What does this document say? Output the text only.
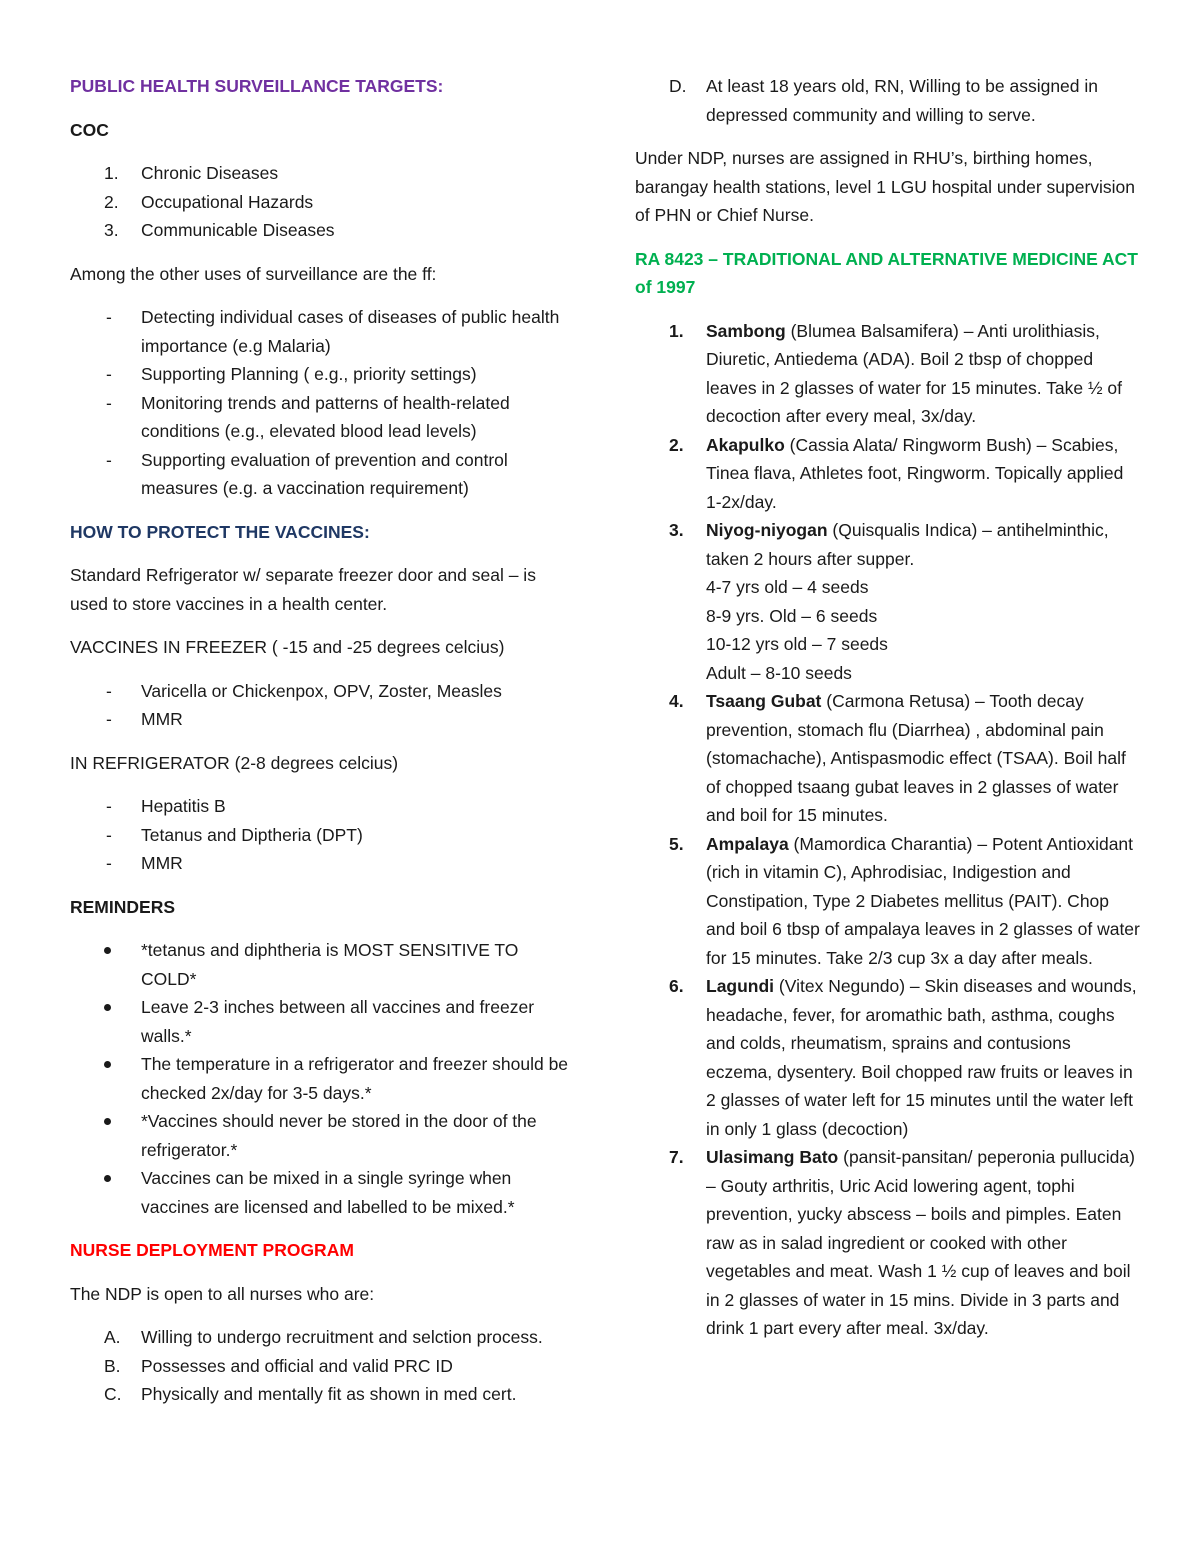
PUBLIC HEALTH SURVEILLANCE TARGETS:
COC
1. Chronic Diseases
2. Occupational Hazards
3. Communicable Diseases
Among the other uses of surveillance are the ff:
- Detecting individual cases of diseases of public health importance (e.g Malaria)
- Supporting Planning ( e.g., priority settings)
- Monitoring trends and patterns of health-related conditions (e.g., elevated blood lead levels)
- Supporting evaluation of prevention and control measures (e.g. a vaccination requirement)
HOW TO PROTECT THE VACCINES:
Standard Refrigerator w/ separate freezer door and seal – is used to store vaccines in a health center.
VACCINES IN FREEZER ( -15 and -25 degrees celcius)
- Varicella or Chickenpox, OPV, Zoster, Measles
- MMR
IN REFRIGERATOR (2-8 degrees celcius)
- Hepatitis B
- Tetanus and Diptheria (DPT)
- MMR
REMINDERS
*tetanus and diphtheria is MOST SENSITIVE TO COLD*
Leave 2-3 inches between all vaccines and freezer walls.*
The temperature in a refrigerator and freezer should be checked 2x/day for 3-5 days.*
*Vaccines should never be stored in the door of the refrigerator.*
Vaccines can be mixed in a single syringe when vaccines are licensed and labelled to be mixed.*
NURSE DEPLOYMENT PROGRAM
The NDP is open to all nurses who are:
A. Willing to undergo recruitment and selction process.
B. Possesses and official and valid PRC ID
C. Physically and mentally fit as shown in med cert.
D. At least 18 years old, RN, Willing to be assigned in depressed community and willing to serve.
Under NDP, nurses are assigned in RHU’s, birthing homes, barangay health stations, level 1 LGU hospital under supervision of PHN or Chief Nurse.
RA 8423 – TRADITIONAL AND ALTERNATIVE MEDICINE ACT of 1997
1. Sambong (Blumea Balsamifera) – Anti urolithiasis, Diuretic, Antiedema (ADA). Boil 2 tbsp of chopped leaves in 2 glasses of water for 15 minutes. Take ½ of decoction after every meal, 3x/day.
2. Akapulko (Cassia Alata/ Ringworm Bush) – Scabies, Tinea flava, Athletes foot, Ringworm. Topically applied 1-2x/day.
3. Niyog-niyogan (Quisqualis Indica) – antihelminthic, taken 2 hours after supper.
4-7 yrs old – 4 seeds
8-9 yrs. Old – 6 seeds
10-12 yrs old – 7 seeds
Adult – 8-10 seeds
4. Tsaang Gubat (Carmona Retusa) – Tooth decay prevention, stomach flu (Diarrhea) , abdominal pain (stomachache), Antispasmodic effect (TSAA). Boil half of chopped tsaang gubat leaves in 2 glasses of water and boil for 15 minutes.
5. Ampalaya (Mamordica Charantia) – Potent Antioxidant (rich in vitamin C), Aphrodisiac, Indigestion and Constipation, Type 2 Diabetes mellitus (PAIT). Chop and boil 6 tbsp of ampalaya leaves in 2 glasses of water for 15 minutes. Take 2/3 cup 3x a day after meals.
6. Lagundi (Vitex Negundo) – Skin diseases and wounds, headache, fever, for aromathic bath, asthma, coughs and colds, rheumatism, sprains and contusions eczema, dysentery. Boil chopped raw fruits or leaves in 2 glasses of water left for 15 minutes until the water left in only 1 glass (decoction)
7. Ulasimang Bato (pansit-pansitan/ peperonia pullucida) – Gouty arthritis, Uric Acid lowering agent, tophi prevention, yucky abscess – boils and pimples. Eaten raw as in salad ingredient or cooked with other vegetables and meat. Wash 1 ½ cup of leaves and boil in 2 glasses of water in 15 mins. Divide in 3 parts and drink 1 part every after meal. 3x/day.
